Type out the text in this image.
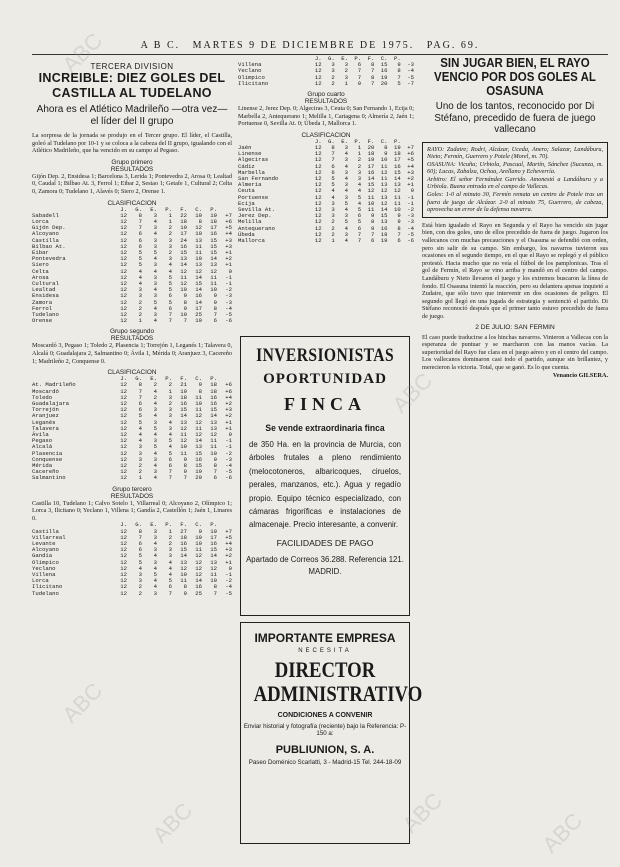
A B C. MARTES 9 DE DICIEMBRE DE 1975. PAG. 69.
TERCERA DIVISION
INCREIBLE: DIEZ GOLES DEL CASTILLA AL TUDELANO
Ahora es el Atlético Madrileño —otra vez— el líder del II grupo
La sorpresa de la jornada se produjo en el Tercer grupo. El líder, el Castilla, goleó al Tudelano por 10-1 y se coloca a la cabeza del II grupo, igualando con el Atlético Madrileño, que ha vencido en su campo al Pegaso.
Grupo primero
RESULTADOS
Gijón Dep. 2, Ensidesa 1; Barcelona 3, Lerida 1; Pontevedra 2, Arosa 0; Lealtad 0, Caudal 1; Bilbao At. 3, Ferrol 1; Eibar 2, Sestao 1; Getafe 1, Cultural 2; Celta 0, Zamora 0; Tudelano 1, Alavés 0; Siero 2, Orense 1.
CLASIFICACION
	J.	G.	E.	P.	F.	C.	P.	
Sabadell	12	8	3	1	22	10	19	+7
Lorca	12	7	4	1	18	8	18	+6
Gijón Dep.	12	7	3	2	19	12	17	+5
Alcoyano	12	6	4	2	17	10	16	+4
Castilla	12	6	3	3	24	13	15	+3
Bilbao At.	12	6	3	3	16	11	15	+3
Eibar	12	5	5	2	15	11	15	+1
Pontevedra	12	5	4	3	13	10	14	+2
Siero	12	5	3	4	14	13	13	+1
Celta	12	4	4	4	12	12	12	0
Arosa	12	4	3	5	11	14	11	-1
Cultural	12	4	3	5	12	15	11	-1
Lealtad	12	3	4	5	10	14	10	-2
Ensidesa	12	3	3	6	9	16	9	-3
Zamora	12	2	5	5	8	14	9	-3
Ferrol	12	2	4	6	9	17	8	-4
Tudelano	12	2	3	7	10	25	7	-5
Orense	12	1	4	7	7	19	6	-6
Grupo segundo
RESULTADOS
Moscardó 3, Pegaso 1; Toledo 2, Plasencia 1; Torrejón 1, Leganés 1; Talavera 0, Alcalá 0; Guadalajara 2, Salmantino 0; Ávila 1, Mérida 0; Aranjuez 3, Cacereño 1; Madrileño 2, Conquense 0.
CLASIFICACION
	J.	G.	E.	P.	F.	C.	P.	
At. Madrileño	12	8	2	2	21	9	18	+6
Moscardó	12	7	4	1	19	8	18	+6
Toledo	12	7	2	3	18	11	16	+4
Guadalajara	12	6	4	2	16	10	16	+2
Torrejón	12	6	3	3	15	11	15	+3
Aranjuez	12	5	4	3	14	12	14	+2
Leganés	12	5	3	4	13	12	13	+1
Talavera	12	4	5	3	12	11	13	+1
Ávila	12	4	4	4	11	12	12	0
Pegaso	12	4	3	5	12	14	11	-1
Alcalá	12	3	5	4	10	13	11	-1
Plasencia	12	3	4	5	11	15	10	-2
Conquense	12	3	3	6	9	16	9	-3
Mérida	12	2	4	6	8	15	8	-4
Cacereño	12	2	3	7	9	19	7	-5
Salmantino	12	1	4	7	7	20	6	-6
Grupo tercero
RESULTADOS
Castilla 10, Tudelano 1; Calvo Sotelo 1, Villarreal 0; Alcoyano 2, Olímpico 1; Lorca 3, Ilicitano 0; Yeclano 1, Villena 1; Gandía 2, Castellón 1; Jaén 1, Linares 0.
	J.	G.	E.	P.	F.	C.	P.	
Castilla	12	8	3	1	27	9	19	+7
Villarreal	12	7	3	2	18	10	17	+5
Levante	12	6	4	2	16	10	16	+4
Alcoyano	12	6	3	3	15	11	15	+3
Gandía	12	5	4	3	14	12	14	+2
Olímpico	12	5	3	4	13	12	13	+1
Yeclano	12	4	4	4	12	12	12	0
Villena	12	3	5	4	10	12	11	-1
Lorca	12	3	4	5	11	14	10	-2
Ilicitano	12	2	4	6	8	16	8	-4
Tudelano	12	2	3	7	9	25	7	-5
	J.	G.	E.	P.	F.	C.	P.	
Villena	12	3	3	6	8	15	9	-3
Yeclano	12	3	2	7	7	16	8	-4
Olímpico	12	2	3	7	8	19	7	-5
Ilicitano	12	2	1	9	7	20	5	-7
Grupo cuarto
RESULTADOS
Linense 2, Jerez Dep. 0; Algeciras 3, Ceuta 0; San Fernando 1, Ecija 0; Marbella 2, Antequerano 1; Melilla 1, Cartagena 0; Almería 2, Jaén 1; Portuense 0, Sevilla At. 0; Úbeda 1, Mallorca 1.
CLASIFICACION
	J.	G.	E.	P.	F.	C.	P.	
Jaén	12	8	3	1	20	8	19	+7
Linense	12	7	4	1	18	9	18	+6
Algeciras	12	7	3	2	19	10	17	+5
Cádiz	12	6	4	2	17	11	16	+4
Marbella	12	6	3	3	16	12	15	+3
San Fernando	12	5	4	3	14	11	14	+2
Almería	12	5	3	4	15	13	13	+1
Ceuta	12	4	4	4	12	12	12	0
Portuense	12	4	3	5	11	13	11	-1
Ecija	12	3	5	4	10	12	11	-1
Sevilla At.	12	3	4	5	11	14	10	-2
Jerez Dep.	12	3	3	6	9	15	9	-3
Melilla	12	2	5	5	8	13	9	-3
Antequerano	12	2	4	6	9	16	8	-4
Úbeda	12	2	3	7	7	18	7	-5
Mallorca	12	1	4	7	6	19	6	-6
INVERSIONISTAS
OPORTUNIDAD
FINCA
Se vende extraordinaria finca
de 350 Ha. en la provincia de Murcia, con árboles frutales a pleno rendimiento (melocotoneros, albaricoques, ciruelos, perales, manzanos, etc.). Agua y regadío propio. Equipo técnico especializado, con cámaras frigoríficas e instalaciones de almacenaje. Precio interesante, a convenir.
FACILIDADES DE PAGO
Apartado de Correos 36.288. Referencia 121. MADRID.
IMPORTANTE EMPRESA
NECESITA
DIRECTOR ADMINISTRATIVO
CONDICIONES A CONVENIR
Enviar historial y fotografía (reciente) bajo la Referencia: P-150 a:
PUBLIUNION, S. A.
Paseo Doménico Scarlatti, 3 - Madrid-15 Tel. 244-18-09
SIN JUGAR BIEN, EL RAYO VENCIO POR DOS GOLES AL OSASUNA
Uno de los tantos, reconocido por Di Stéfano, precedido de fuera de juego vallecano
RAYO: Zudaire; Rodri, Alcázar, Uceda, Anero; Salazar, Landáburu, Nieto; Fermín, Guerrero y Potele (Morel, m. 70).
OSASUNA: Vicuña; Urbiola, Pascual, Martín, Sánchez (Sucunza, m. 60); Lucas, Zabalza, Ochoa, Arellano y Echeverría.
Arbitro: El señor Fernández Garrido. Amonestó a Landáburu y a Urbiola. Buena entrada en el campo de Vallecas.
Goles: 1-0 al minuto 30, Fermín remata un centro de Potele tras un fuera de juego de Alcázar. 2-0 al minuto 75, Guerrero, de cabeza, aprovecha un error de la defensa navarra.
Está bien igualado el Rayo en Segunda y el Rayo ha vencido sin jugar bien, con dos goles, uno de ellos precedido de fuera de juego. Jugaron los vallecanos con muchas precauciones y el Osasuna se defendió con orden, pero sin salir de su campo. Sin embargo, los navarros tuvieron sus ocasiones en el segundo tiempo, en el que el Rayo se replegó y el público protestó. Hacia mucho que no veía el fútbol de los pamplonicas. Tras el gol de Fermín, el Rayo se vino arriba y mandó en el centro del campo. Landáburu y Nieto llevaron el juego y los extremos buscaron la línea de fondo. El Osasuna intentó la reacción, pero su delantera apenas inquietó a Zudaire, que sólo tuvo que intervenir en dos ocasiones de peligro. El segundo gol llegó en una jugada de estrategia y sentenció el partido. Di Stéfano reconoció después que el primer tanto estuvo precedido de fuera de juego.
2 DE JULIO: SAN FERMIN
El caso puede traducirse a los hinchas navarros. Vinieron a Vallecas con la esperanza de puntuar y se marcharon con las manos vacías. La superioridad del Rayo fue clara en el juego aéreo y en el centro del campo. Los vallecanos dominaron casi todo el partido, aunque sin brillantez, y merecieron la victoria. Total, que se ganó. Es lo que cuenta.
Venancio GILSERA.
ABC
ABC
ABC
ABC	ABC	ABC
